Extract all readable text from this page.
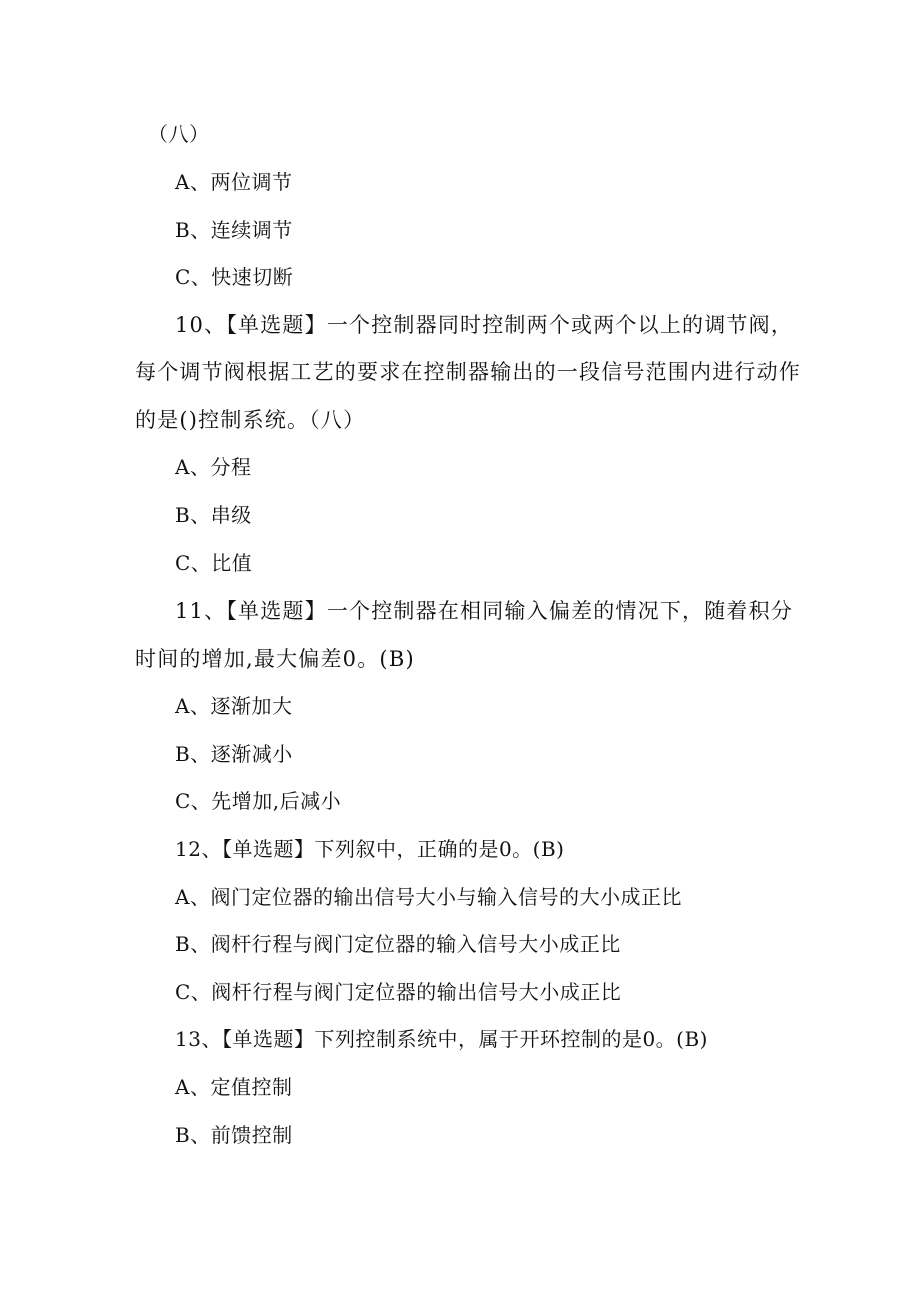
（八）
A、两位调节
B、连续调节
C、快速切断
10、【单选题】一个控制器同时控制两个或两个以上的调节阀，
每个调节阀根据工艺的要求在控制器输出的一段信号范围内进行动作
的是()控制系统。（八）
A、分程
B、串级
C、比值
11、【单选题】一个控制器在相同输入偏差的情况下，随着积分
时间的增加,最大偏差0。(B)
A、逐渐加大
B、逐渐减小
C、先增加,后减小
12、【单选题】下列叙中，正确的是0。(B)
A、阀门定位器的输出信号大小与输入信号的大小成正比
B、阀杆行程与阀门定位器的输入信号大小成正比
C、阀杆行程与阀门定位器的输出信号大小成正比
13、【单选题】下列控制系统中，属于开环控制的是0。(B)
A、定值控制
B、前馈控制
